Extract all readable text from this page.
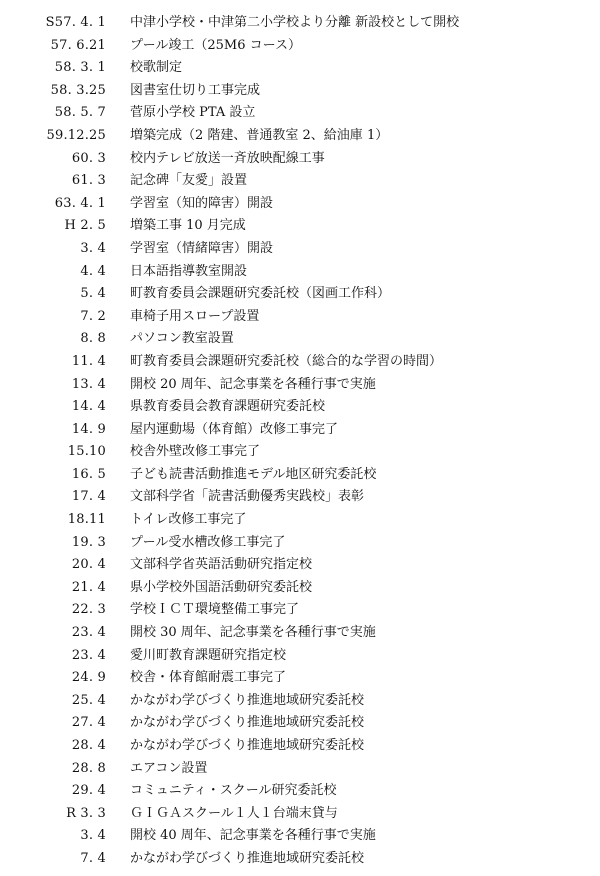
S57. 4. 1 中津小学校・中津第二小学校より分離 新設校として開校
57. 6.21 プール竣工（25M6 コース）
58. 3. 1 校歌制定
58. 3.25 図書室仕切り工事完成
58. 5. 7 菅原小学校 PTA 設立
59.12.25 増築完成（2 階建、普通教室 2、給油庫 1）
60. 3 校内テレビ放送一斉放映配線工事
61. 3 記念碑「友愛」設置
63. 4. 1 学習室（知的障害）開設
H 2. 5 増築工事 10 月完成
3. 4 学習室（情緒障害）開設
4. 4 日本語指導教室開設
5. 4 町教育委員会課題研究委託校（図画工作科）
7. 2 車椅子用スロープ設置
8. 8 パソコン教室設置
11. 4 町教育委員会課題研究委託校（総合的な学習の時間）
13. 4 開校 20 周年、記念事業を各種行事で実施
14. 4 県教育委員会教育課題研究委託校
14. 9 屋内運動場（体育館）改修工事完了
15.10 校舎外壁改修工事完了
16. 5 子ども読書活動推進モデル地区研究委託校
17. 4 文部科学省「読書活動優秀実践校」表彰
18.11 トイレ改修工事完了
19. 3 プール受水槽改修工事完了
20. 4 文部科学省英語活動研究指定校
21. 4 県小学校外国語活動研究委託校
22. 3 学校ＩＣＴ環境整備工事完了
23. 4 開校 30 周年、記念事業を各種行事で実施
23. 4 愛川町教育課題研究指定校
24. 9 校舎・体育館耐震工事完了
25. 4 かながわ学びづくり推進地域研究委託校
27. 4 かながわ学びづくり推進地域研究委託校
28. 4 かながわ学びづくり推進地域研究委託校
28. 8 エアコン設置
29. 4 コミュニティ・スクール研究委託校
R 3. 3 ＧＩＧＡスクール１人１台端末貸与
3. 4 開校 40 周年、記念事業を各種行事で実施
7. 4 かながわ学びづくり推進地域研究委託校
